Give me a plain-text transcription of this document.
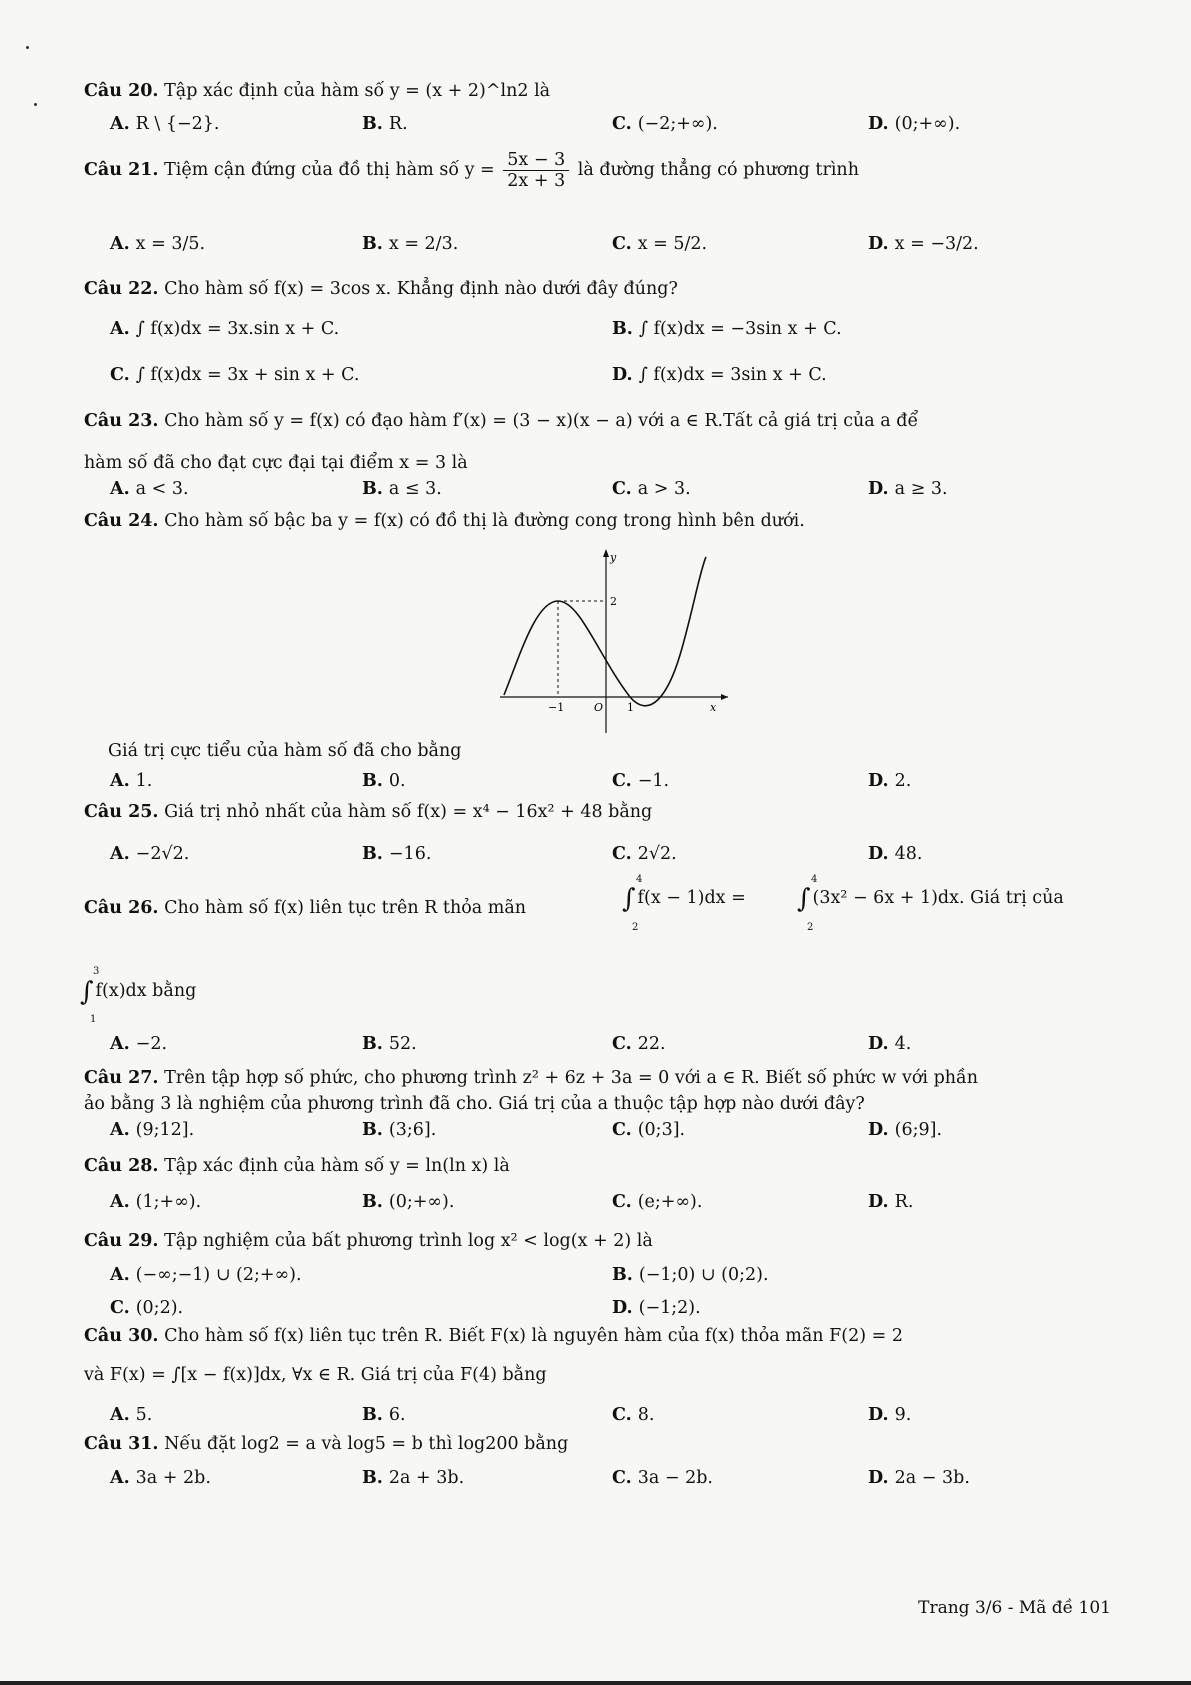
Câu 20. Tập xác định của hàm số y = (x + 2)^ln2 là
A. R \ {−2}.	B. R.	C. (−2;+∞).	D. (0;+∞).
Câu 21. Tiệm cận đứng của đồ thị hàm số $y = \frac{5x - 3}{2x + 3}$ là đường thẳng có phương trình
A. x = 3/5.	B. x = 2/3.	C. x = 5/2.	D. x = −3/2.
Câu 22. Cho hàm số f(x) = 3cos x. Khẳng định nào dưới đây đúng?
A. ∫ f(x)dx = 3x.sin x + C.	B. ∫ f(x)dx = −3sin x + C.
C. ∫ f(x)dx = 3x + sin x + C.	D. ∫ f(x)dx = 3sin x + C.
Câu 23. Cho hàm số y = f(x) có đạo hàm f′(x) = (3 − x)(x − a) với a ∈ R.Tất cả giá trị của a để
hàm số đã cho đạt cực đại tại điểm x = 3 là
A. a < 3.	B. a ≤ 3.	C. a > 3.	D. a ≥ 3.
Câu 24. Cho hàm số bậc ba y = f(x) có đồ thị là đường cong trong hình bên dưới.
y
x
−1	O 1
2
Giá trị cực tiểu của hàm số đã cho bằng
A. 1.	B. 0.	C. −1.	D. 2.
Câu 25. Giá trị nhỏ nhất của hàm số f(x) = x⁴ − 16x² + 48 bằng
A. −2√2.	B. −16.	C. 2√2.	D. 48.
Câu 26. Cho hàm số f(x) liên tục trên R thỏa mãn	∫ f(x − 1)dx =
4
2
∫ (3x² − 6x + 1)dx. Giá trị của
4
2
∫ f(x)dx bằng
3
1
A. −2.	B. 52.	C. 22.	D. 4.
Câu 27. Trên tập hợp số phức, cho phương trình z² + 6z + 3a = 0 với a ∈ R. Biết số phức w với phần
ảo bằng 3 là nghiệm của phương trình đã cho. Giá trị của a thuộc tập hợp nào dưới đây?
A. (9;12].	B. (3;6].	C. (0;3].	D. (6;9].
Câu 28. Tập xác định của hàm số y = ln(ln x) là
A. (1;+∞).	B. (0;+∞).	C. (e;+∞).	D. R.
Câu 29. Tập nghiệm của bất phương trình log x² < log(x + 2) là
A. (−∞;−1) ∪ (2;+∞).	B. (−1;0) ∪ (0;2).
C. (0;2).	D. (−1;2).
Câu 30. Cho hàm số f(x) liên tục trên R. Biết F(x) là nguyên hàm của f(x) thỏa mãn F(2) = 2
và F(x) = ∫[x − f(x)]dx, ∀x ∈ R. Giá trị của F(4) bằng
A. 5.	B. 6.	C. 8.	D. 9.
Câu 31. Nếu đặt log2 = a và log5 = b thì log200 bằng
A. 3a + 2b.	B. 2a + 3b.	C. 3a − 2b.	D. 2a − 3b.
Trang 3/6 - Mã đề 101
